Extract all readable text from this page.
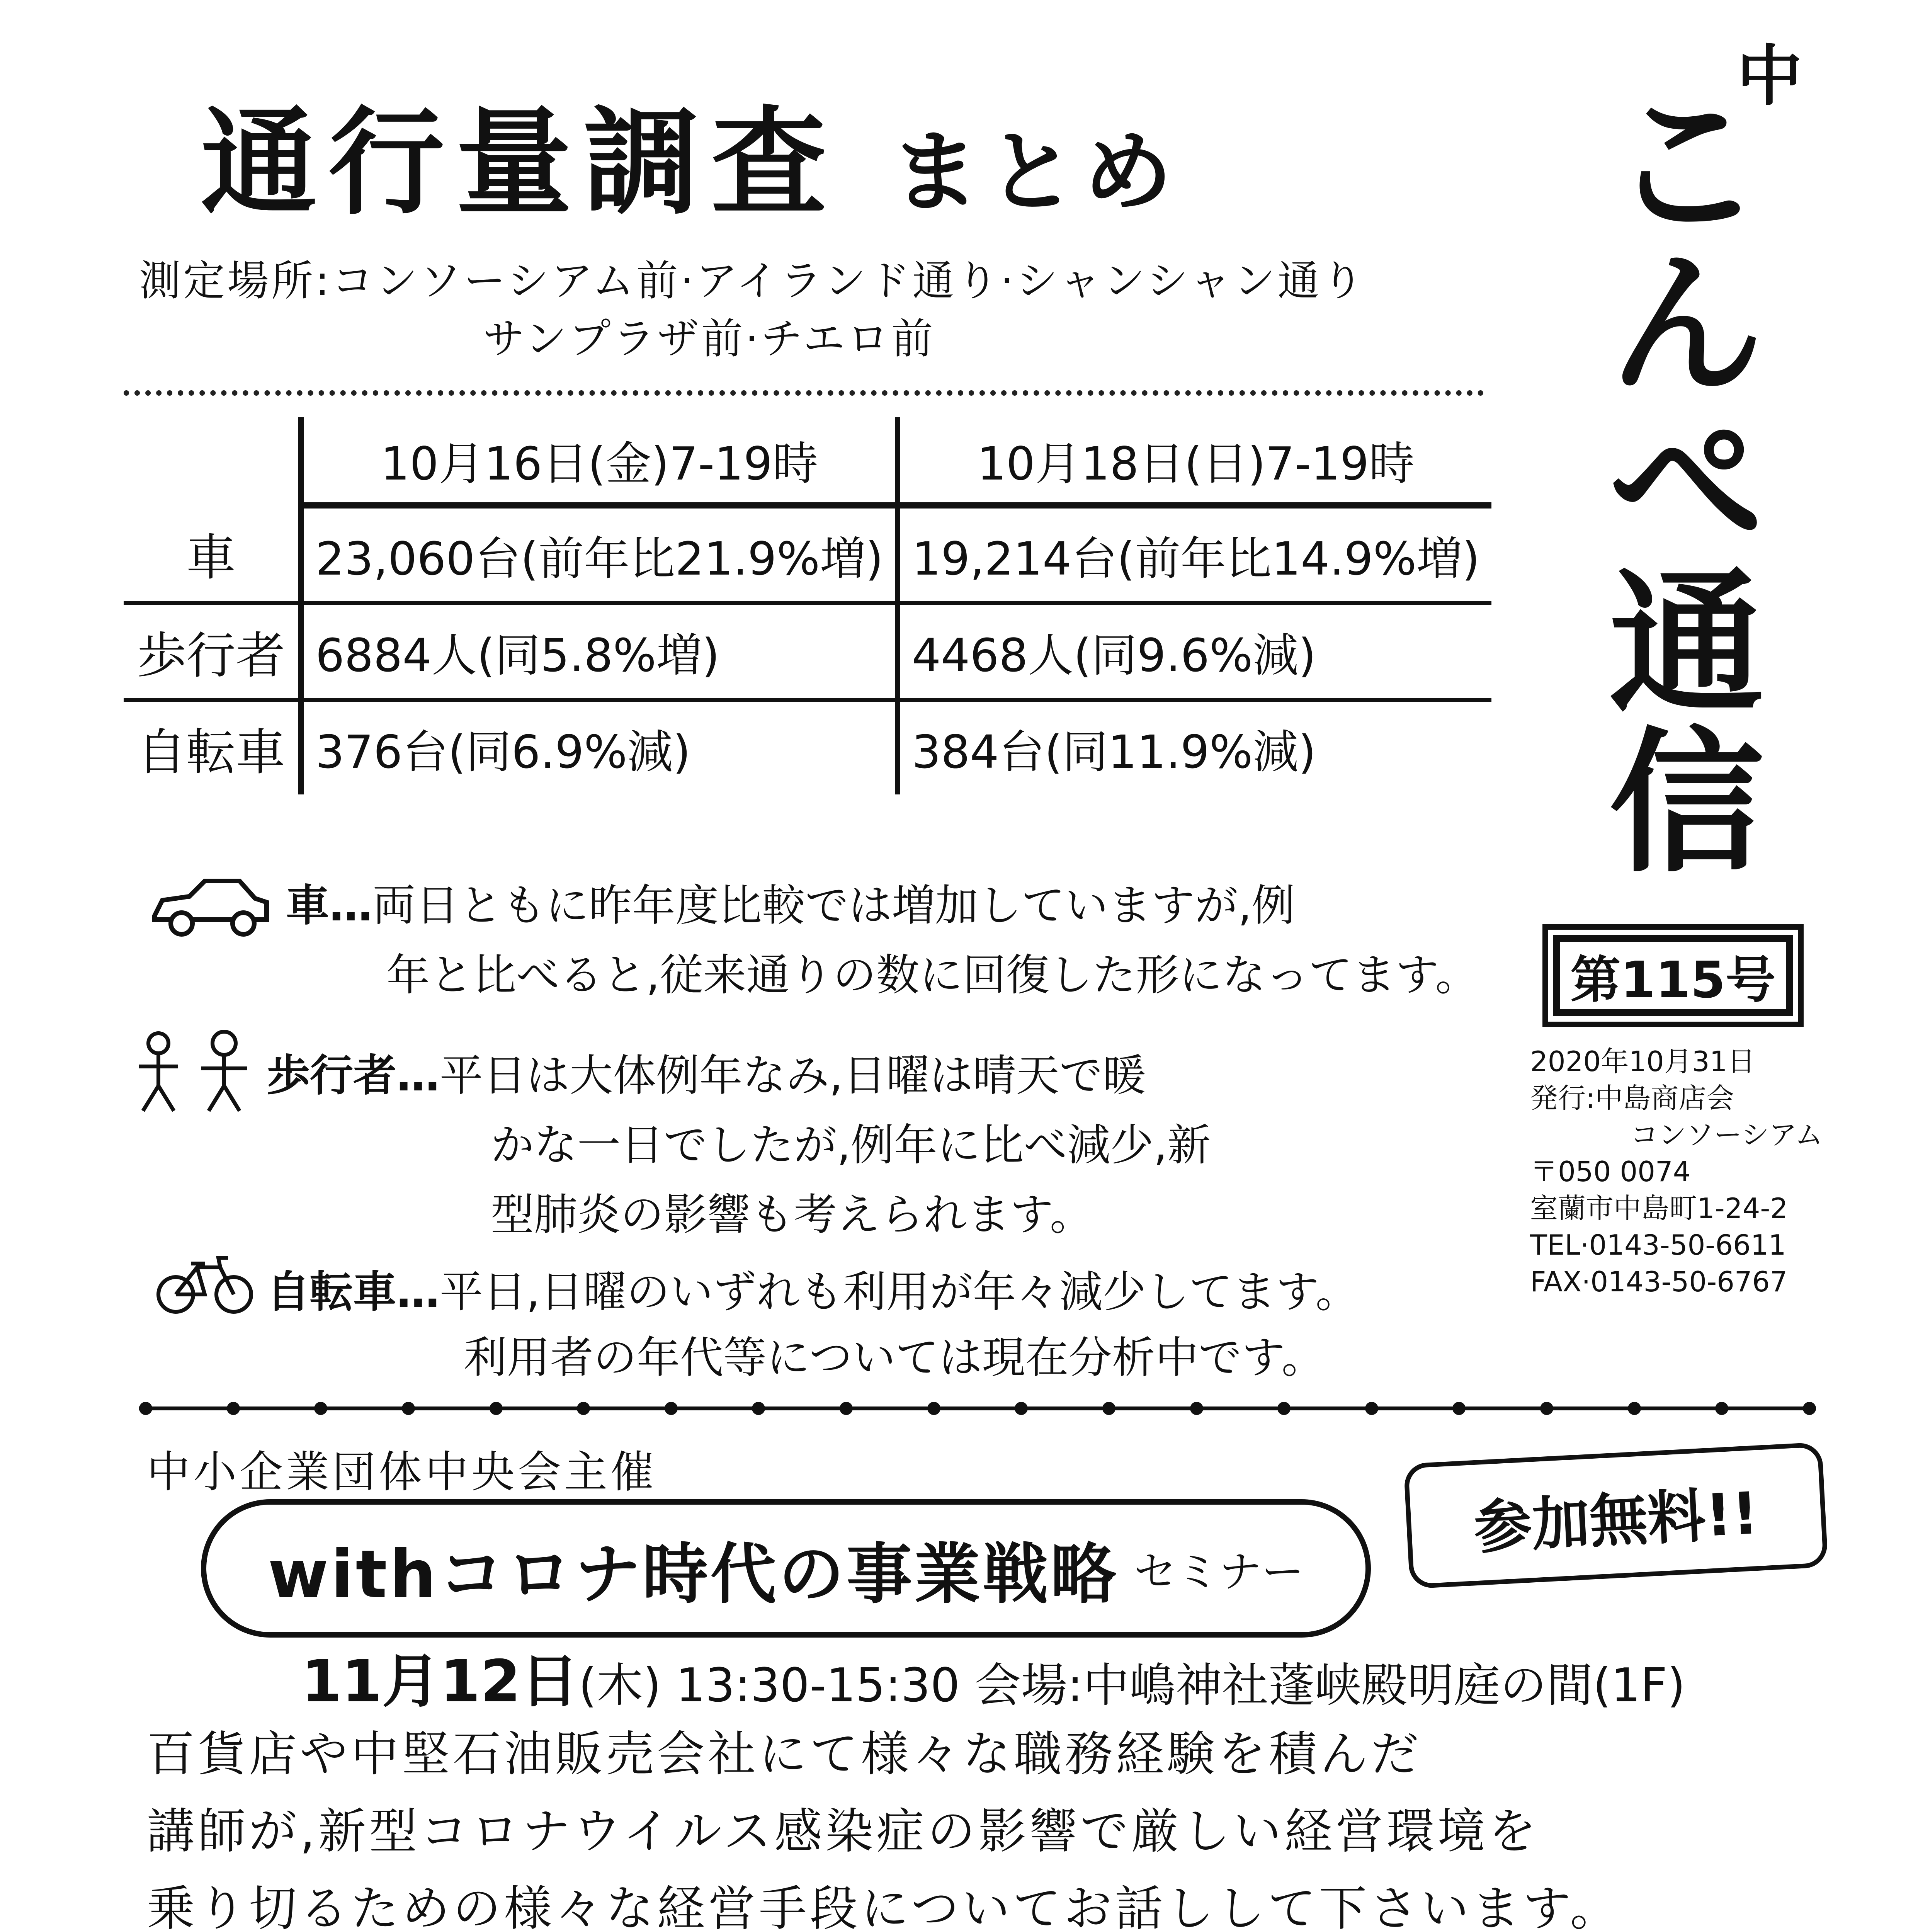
中
こ
ん
ぺ
通
信
第115号
2020年10月31日
発行:中島商店会
コンソーシアム
〒050 0074
室蘭市中島町1-24-2
TEL·0143-50-6611
FAX·0143-50-6767
通行量調査 まとめ
測定場所:コンソーシアム前·アイランド通り·シャンシャン通り
サンプラザ前·チエロ前
	10月16日(金)7-19時	10月18日(日)7-19時
車	23,060台(前年比21.9%増)	19,214台(前年比14.9%増)
歩行者	6884人(同5.8%増)	4468人(同9.6%減)
自転車	376台(同6.9%減)	384台(同11.9%減)
車…両日ともに昨年度比較では増加していますが,例
年と比べると,従来通りの数に回復した形になってます。
歩行者…平日は大体例年なみ,日曜は晴天で暖
かな一日でしたが,例年に比べ減少,新
型肺炎の影響も考えられます。
自転車…平日,日曜のいずれも利用が年々減少してます。
利用者の年代等については現在分析中です。
中小企業団体中央会主催
withコロナ時代の事業戦略 セミナー
参加無料!!
11月12日(木) 13:30-15:30 会場:中嶋神社蓬峡殿明庭の間(1F)
百貨店や中堅石油販売会社にて様々な職務経験を積んだ
講師が,新型コロナウイルス感染症の影響で厳しい経営環境を
乗り切るための様々な経営手段についてお話しして下さいます。
